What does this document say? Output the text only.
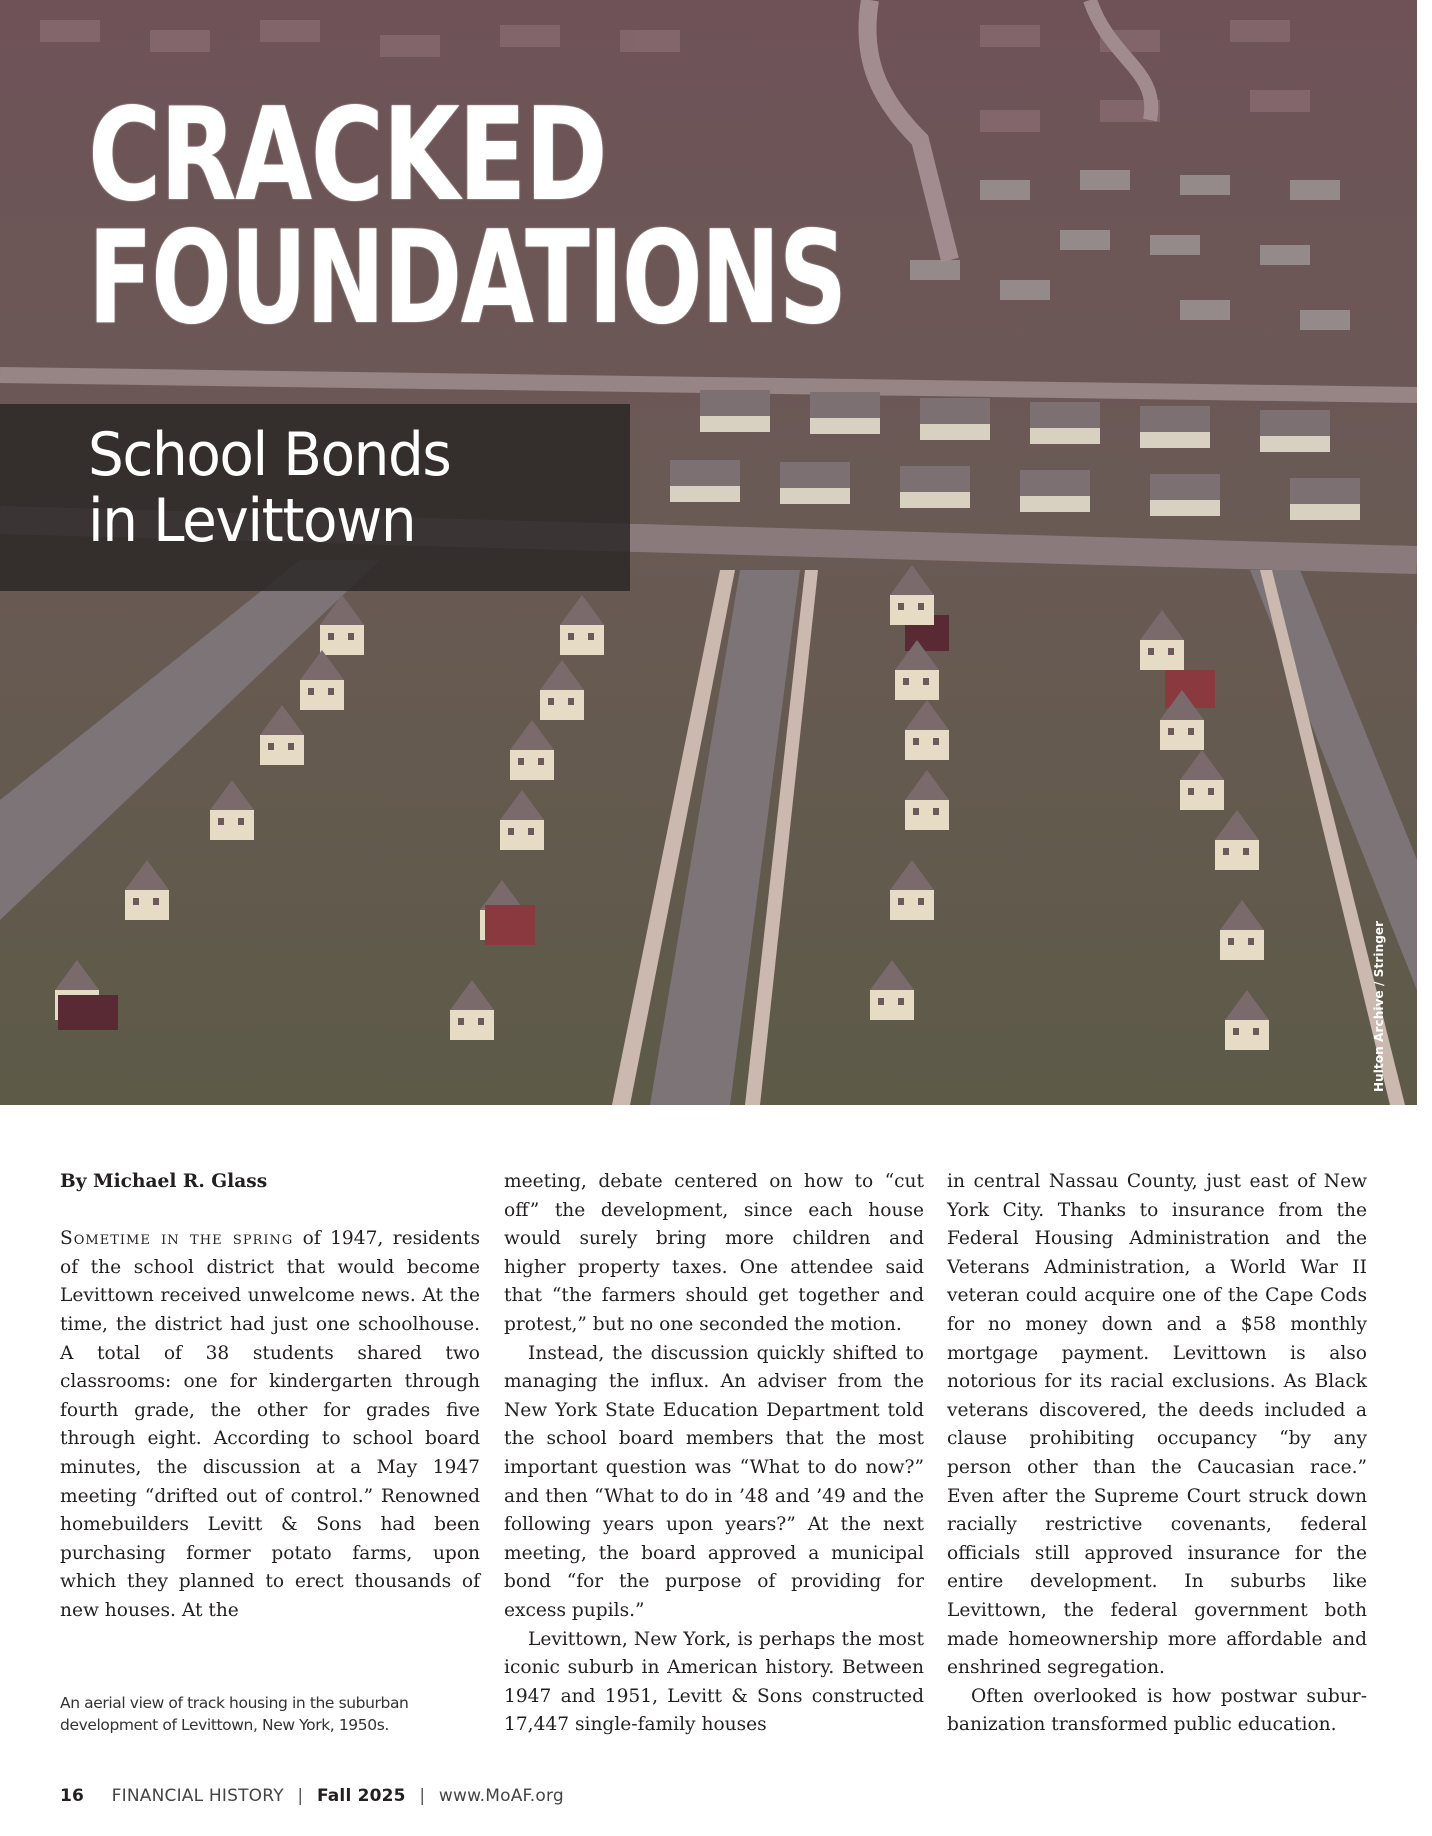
CRACKED
FOUNDATIONS
School Bonds
in Levittown
Hulton Archive / Stringer

By Michael R. Glass

Sometime in the spring of 1947, residents of the school district that would become Levittown received unwelcome news. At the time, the district had just one schoolhouse. A total of 38 students shared two classrooms: one for kindergarten through fourth grade, the other for grades five through eight. According to school board minutes, the discussion at a May 1947 meeting “drifted out of control.” Renowned homebuilders Levitt & Sons had been purchasing former potato farms, upon which they planned to erect thousands of new houses. At the

meeting, debate centered on how to “cut off” the development, since each house would surely bring more children and higher property taxes. One attendee said that “the farmers should get together and protest,” but no one seconded the motion.

Instead, the discussion quickly shifted to managing the influx. An adviser from the New York State Education Department told the school board members that the most important question was “What to do now?” and then “What to do in ’48 and ’49 and the following years upon years?” At the next meeting, the board approved a municipal bond “for the purpose of providing for excess pupils.”

Levittown, New York, is perhaps the most iconic suburb in American history. Between 1947 and 1951, Levitt & Sons constructed 17,447 single-family houses

in central Nassau County, just east of New York City. Thanks to insurance from the Federal Housing Administration and the Veterans Administration, a World War II veteran could acquire one of the Cape Cods for no money down and a $58 monthly mortgage payment. Levittown is also notorious for its racial exclusions. As Black veterans discovered, the deeds included a clause prohibiting occupancy “by any person other than the Caucasian race.” Even after the Supreme Court struck down racially restrictive covenants, federal officials still approved insurance for the entire development. In suburbs like Levittown, the federal government both made homeownership more affordable and enshrined segregation.

Often overlooked is how postwar suburbanization transformed public education.

An aerial view of track housing in the suburban development of Levittown, New York, 1950s.
16 FINANCIAL HISTORY | Fall 2025 | www.MoAF.org
